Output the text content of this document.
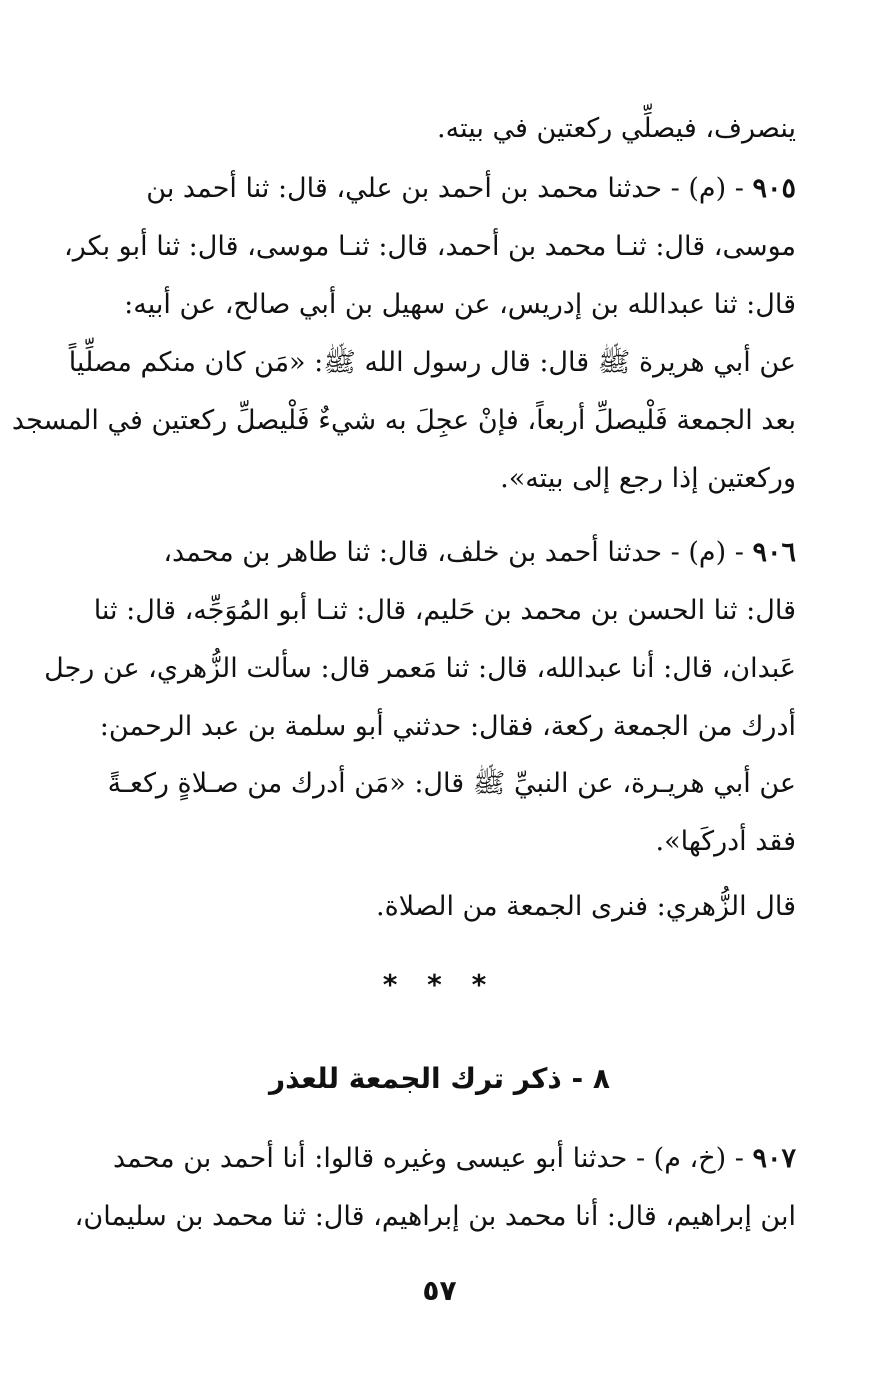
ينصرف، فيصلِّي ركعتين في بيته.
٩٠٥ - (م) - حدثنا محمد بن أحمد بن علي، قال: ثنا أحمد بن
موسى، قال: ثنـا محمد بن أحمد، قال: ثنـا موسى، قال: ثنا أبو بكر،
قال: ثنا عبدالله بن إدريس، عن سهيل بن أبي صالح، عن أبيه:
عن أبي هريرة ﷺ قال: قال رسول الله ﷺ: «مَن كان منكم مصلِّياً
بعد الجمعة فَلْيصلِّ أربعاً، فإنْ عجِلَ به شيءٌ فَلْيصلِّ ركعتين في المسجد
وركعتين إذا رجع إلى بيته».
٩٠٦ - (م) - حدثنا أحمد بن خلف، قال: ثنا طاهر بن محمد،
قال: ثنا الحسن بن محمد بن حَليم، قال: ثنـا أبو المُوَجِّه، قال: ثنا
عَبدان، قال: أنا عبدالله، قال: ثنا مَعمر قال: سألت الزُّهري، عن رجل
أدرك من الجمعة ركعة، فقال: حدثني أبو سلمة بن عبد الرحمن:
عن أبي هريـرة، عن النبيِّ ﷺ قال: «مَن أدرك من صـلاةٍ ركعـةً
فقد أدركَها».
قال الزُّهري: فنرى الجمعة من الصلاة.
* * *
٨ - ذكر ترك الجمعة للعذر
٩٠٧ - (خ، م) - حدثنا أبو عيسى وغيره قالوا: أنا أحمد بن محمد
ابن إبراهيم، قال: أنا محمد بن إبراهيم، قال: ثنا محمد بن سليمان،
٥٧
